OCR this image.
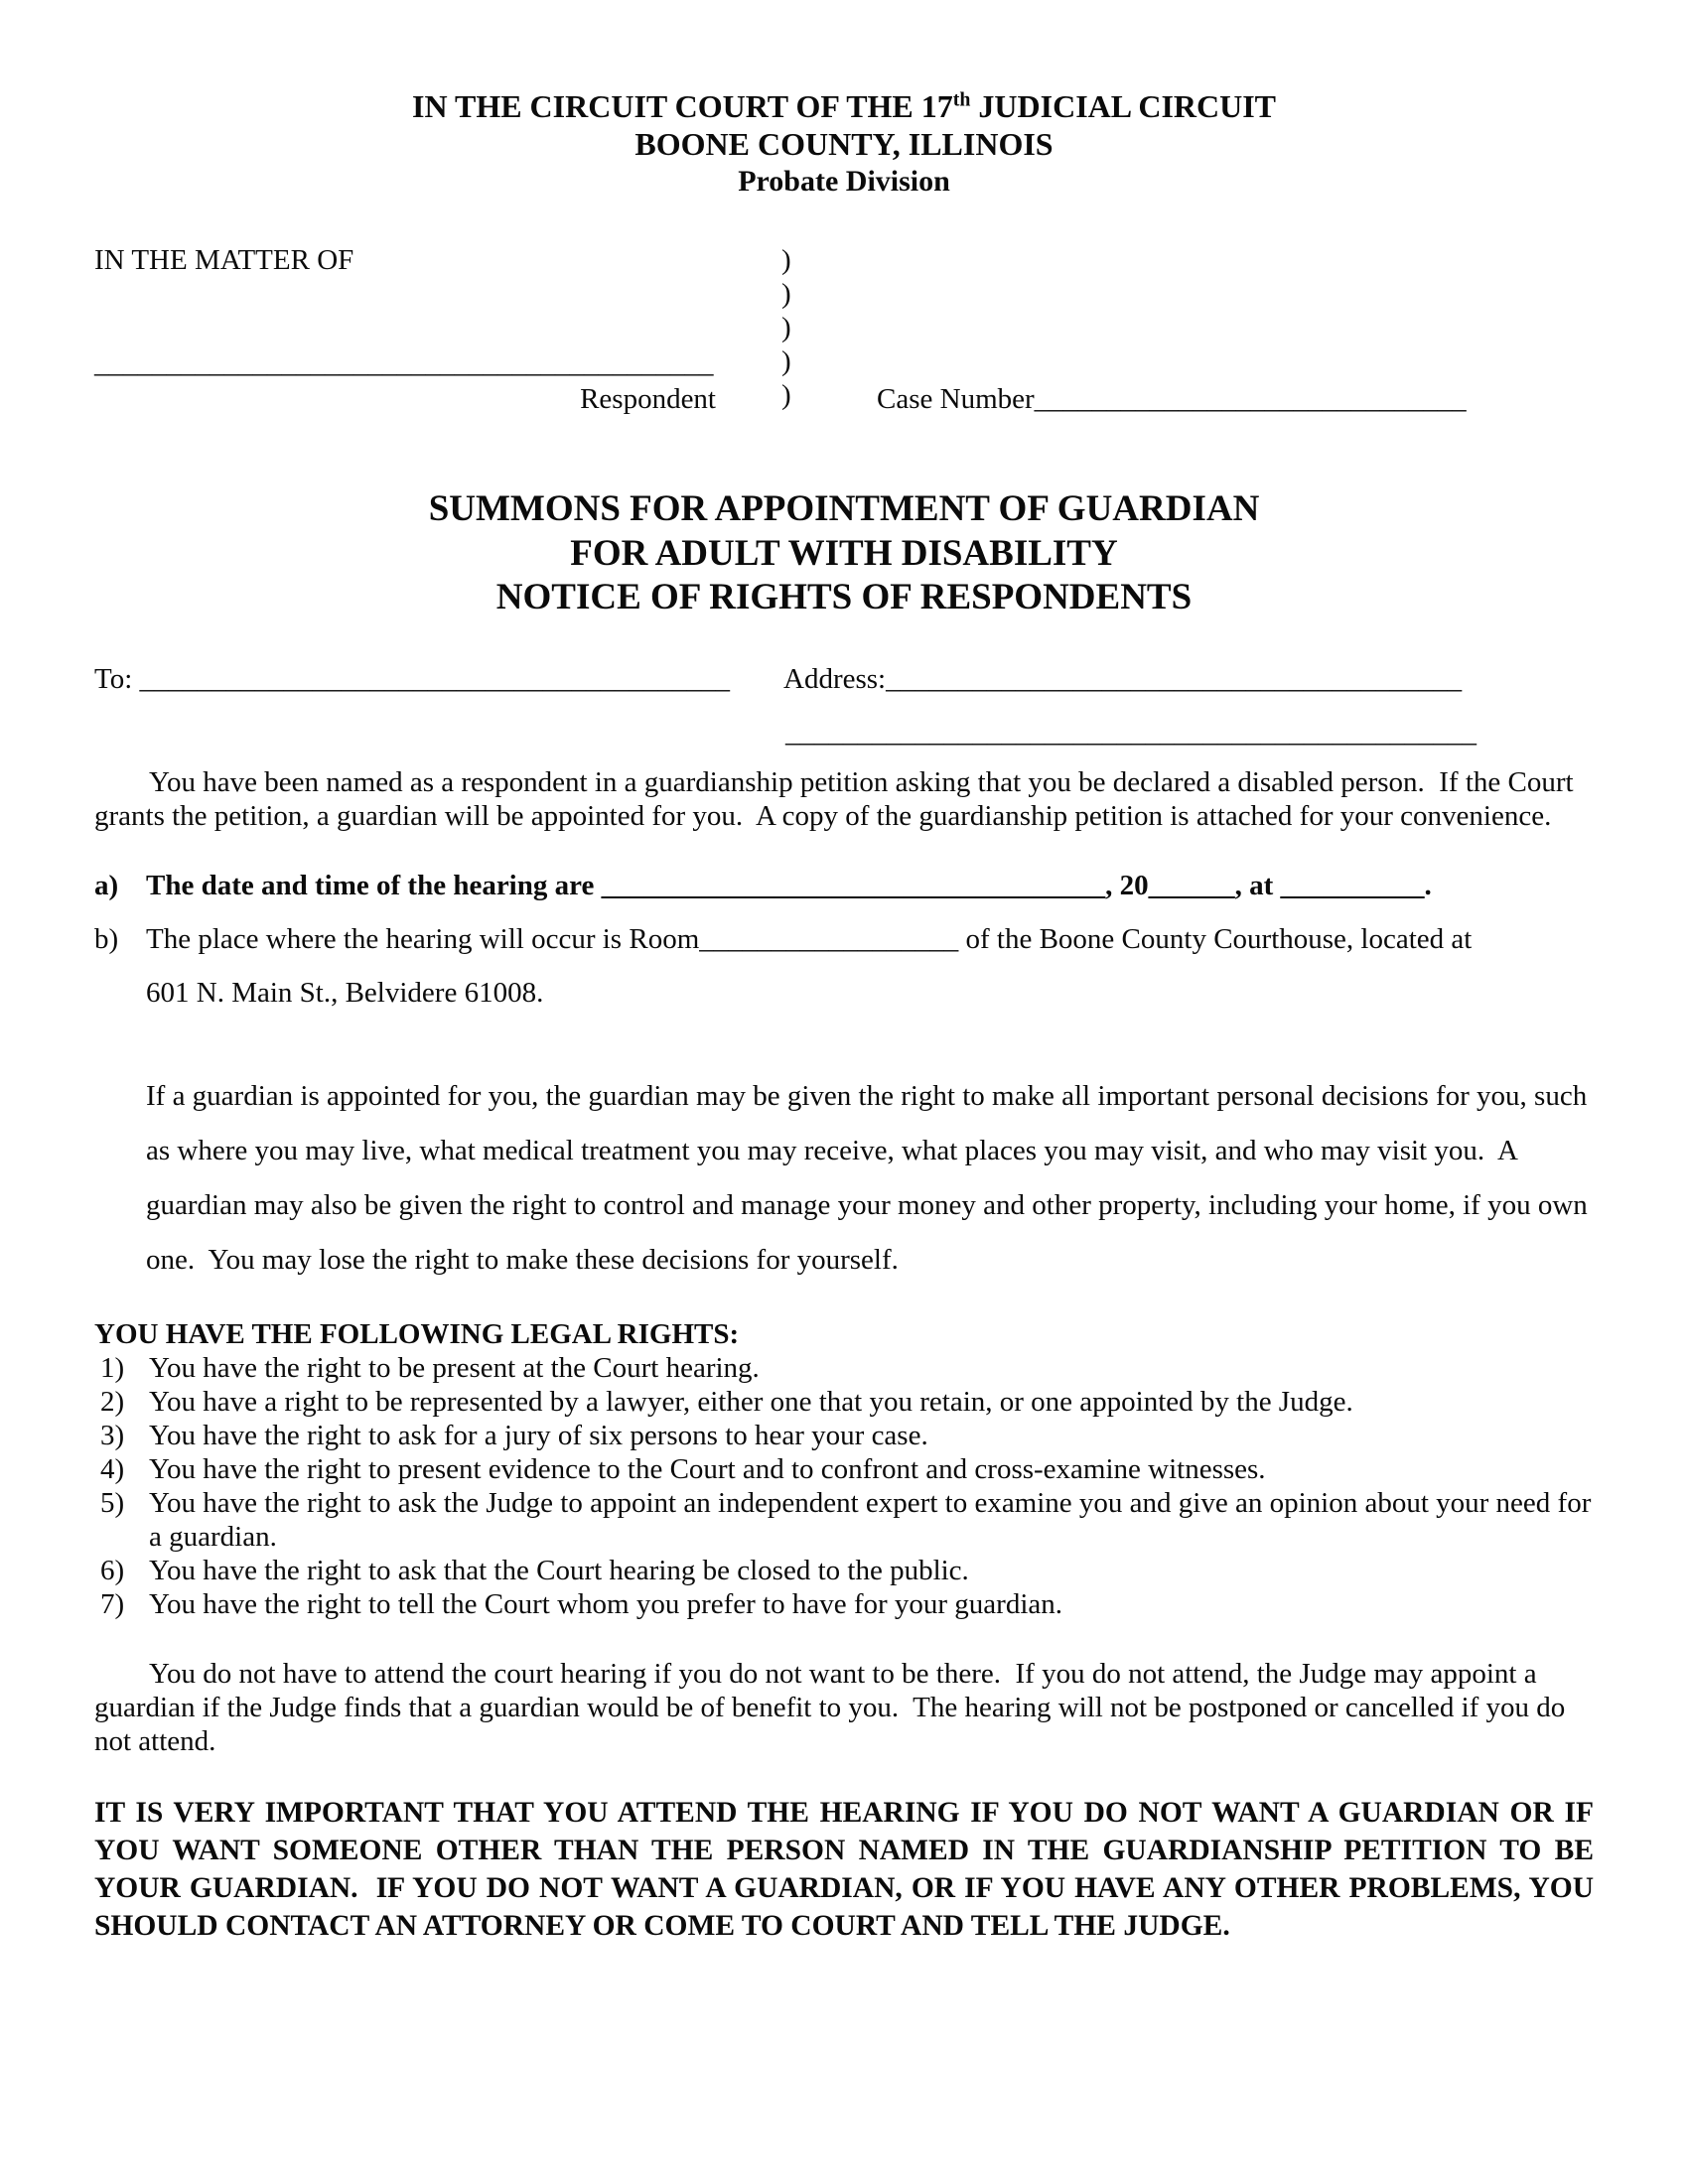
IN THE CIRCUIT COURT OF THE 17th JUDICIAL CIRCUIT
BOONE COUNTY, ILLINOIS
Probate Division
IN THE MATTER OF
___________________________________________
Respondent
)
)
)
)
)	Case Number______________________________
SUMMONS FOR APPOINTMENT OF GUARDIAN
FOR ADULT WITH DISABILITY
NOTICE OF RIGHTS OF RESPONDENTS
To: _________________________________________ Address:________________________________________
________________________________________________

You have been named as a respondent in a guardianship petition asking that you be declared a disabled person.  If the Court grants the petition, a guardian will be appointed for you.  A copy of the guardianship petition is attached for your convenience.

a) The date and time of the hearing are ___________________________________, 20______, at __________.
b) The place where the hearing will occur is Room__________________ of the Boone County Courthouse, located at
601 N. Main St., Belvidere 61008.

If a guardian is appointed for you, the guardian may be given the right to make all important personal decisions for you, such as where you may live, what medical treatment you may receive, what places you may visit, and who may visit you.  A guardian may also be given the right to control and manage your money and other property, including your home, if you own one.  You may lose the right to make these decisions for yourself.

YOU HAVE THE FOLLOWING LEGAL RIGHTS:
1) You have the right to be present at the Court hearing.
2) You have a right to be represented by a lawyer, either one that you retain, or one appointed by the Judge.
3) You have the right to ask for a jury of six persons to hear your case.
4) You have the right to present evidence to the Court and to confront and cross-examine witnesses.
5) You have the right to ask the Judge to appoint an independent expert to examine you and give an opinion about your need for a guardian.
6) You have the right to ask that the Court hearing be closed to the public.
7) You have the right to tell the Court whom you prefer to have for your guardian.

You do not have to attend the court hearing if you do not want to be there.  If you do not attend, the Judge may appoint a guardian if the Judge finds that a guardian would be of benefit to you.  The hearing will not be postponed or cancelled if you do not attend.

IT IS VERY IMPORTANT THAT YOU ATTEND THE HEARING IF YOU DO NOT WANT A GUARDIAN OR IF YOU WANT SOMEONE OTHER THAN THE PERSON NAMED IN THE GUARDIANSHIP PETITION TO BE YOUR GUARDIAN.  IF YOU DO NOT WANT A GUARDIAN, OR IF YOU HAVE ANY OTHER PROBLEMS, YOU SHOULD CONTACT AN ATTORNEY OR COME TO COURT AND TELL THE JUDGE.
